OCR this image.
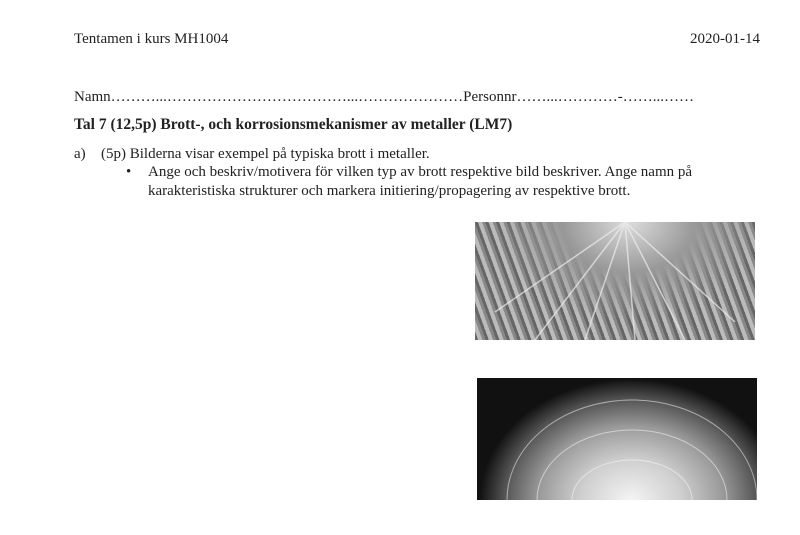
Tentamen i kurs MH1004	2020-01-14
Namn………...………………………………...…………………Personnr……...…………-……...……
Tal 7 (12,5p) Brott-, och korrosionsmekanismer av metaller (LM7)
a) (5p) Bilderna visar exempel på typiska brott i metaller.
• Ange och beskriv/motivera för vilken typ av brott respektive bild beskriver. Ange namn på
karakteristiska strukturer och markera initiering/propagering av respektive brott.
